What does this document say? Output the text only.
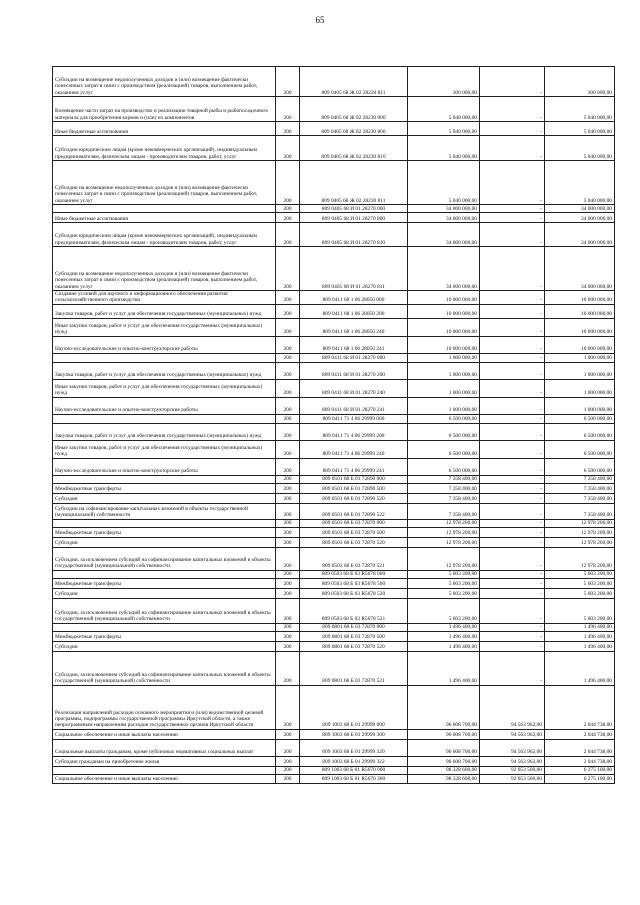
65
Субсидии на возмещение недополученных доходов и (или) возмещение фактически понесенных затрат в связи с производством (реализацией) товаров, выполнением работ, оказанием услуг	200	809 0405 68 Ж 02 28220 811	300 000,00	-	300 000,00
Возмещение части затрат на производство и реализацию товарной рыбы и рыбопосадочного материала для приобретения кормов и (или) их компонентов	200	809 0405 68 Ж 02 28230 000	5 040 000,00	-	5 040 000,00
Иные бюджетные ассигнования	200	809 0405 68 Ж 02 28230 800	5 040 000,00	-	5 040 000,00
Субсидии юридическим лицам (кроме некоммерческих организаций), индивидуальным предпринимателям, физическим лицам - производителям товаров, работ, услуг	200	809 0405 68 Ж 02 28230 810	5 040 000,00	-	5 040 000,00
Субсидии на возмещение недополученных доходов и (или) возмещение фактически понесенных затрат в связи с производством (реализацией) товаров, выполнением работ, оказанием услуг	200	809 0405 68 Ж 02 28230 811	5 040 000,00	-	5 040 000,00
	200	809 0405 68 И 01 28270 000	34 000 000,00	-	34 000 000,00
Иные бюджетные ассигнования	200	809 0405 68 И 01 28270 800	34 000 000,00	-	34 000 000,00
Субсидии юридическим лицам (кроме некоммерческих организаций), индивидуальным предпринимателям, физическим лицам - производителям товаров, работ, услуг	200	809 0405 68 И 01 28270 810	34 000 000,00	-	34 000 000,00
Субсидии на возмещение недополученных доходов и (или) возмещение фактически понесенных затрат в связи с производством (реализацией) товаров, выполнением работ, оказанием услуг	200	809 0405 68 И 01 28270 811	34 000 000,00	-	34 000 000,00
Создание условий для научного и информационного обеспечения развития сельскохозяйственного производства	200	809 0411 68 1 06 28050 000	10 000 000,00	-	10 000 000,00
Закупка товаров, работ и услуг для обеспечения государственных (муниципальных) нужд	200	809 0411 68 1 06 28050 200	10 000 000,00	-	10 000 000,00
Иные закупки товаров, работ и услуг для обеспечения государственных (муниципальных) нужд	200	809 0411 68 1 06 28050 240	10 000 000,00	-	10 000 000,00
Научно-исследовательские и опытно-конструкторские работы	200	809 0411 68 1 06 28050 241	10 000 000,00	-	10 000 000,00
	200	809 0411 68 И 01 28270 000	1 000 000,00	-	1 000 000,00
Закупка товаров, работ и услуг для обеспечения государственных (муниципальных) нужд	200	809 0411 68 И 01 28270 200	1 000 000,00	-	1 000 000,00
Иные закупки товаров, работ и услуг для обеспечения государственных (муниципальных) нужд	200	809 0411 68 И 01 28270 240	1 000 000,00	-	1 000 000,00
Научно-исследовательские и опытно-конструкторские работы	200	809 0411 68 И 01 28270 241	1 000 000,00	-	1 000 000,00
	200	809 0411 71 4 06 29999 000	6 500 000,00	-	6 500 000,00
Закупка товаров, работ и услуг для обеспечения государственных (муниципальных) нужд	200	809 0411 71 4 06 29999 200	6 500 000,00	-	6 500 000,00
Иные закупки товаров, работ и услуг для обеспечения государственных (муниципальных) нужд	200	809 0411 71 4 06 29999 240	6 500 000,00	-	6 500 000,00
Научно-исследовательские и опытно-конструкторские работы	200	809 0411 71 4 06 29999 241	6 500 000,00	-	6 500 000,00
	200	809 0501 68 Б 01 72890 000	7 358 400,00	-	7 358 400,00
Межбюджетные трансферты	200	809 0501 68 Б 01 72890 500	7 358 400,00	-	7 358 400,00
Субсидии	200	809 0501 68 Б 01 72890 520	7 358 400,00	-	7 358 400,00
Субсидии на софинансирование капитальных вложений в объекты государственной (муниципальной) собственности	200	809 0501 68 Б 01 72890 522	7 358 400,00	-	7 358 400,00
	200	809 0503 68 Б 03 72870 000	12 978 200,00	-	12 978 200,00
Межбюджетные трансферты	200	809 0503 68 Б 03 72870 500	12 978 200,00	-	12 978 200,00
Субсидии	200	809 0503 68 Б 03 72870 520	12 978 200,00	-	12 978 200,00
Субсидии, за исключением субсидий на софинансирование капитальных вложений в объекты государственной (муниципальной) собственности	200	809 0503 68 Б 03 72870 521	12 978 200,00	-	12 978 200,00
	200	809 0503 68 Б 03 R5678 000	5 603 200,00	-	5 603 200,00
Межбюджетные трансферты	200	809 0503 68 Б 03 R5678 500	5 603 200,00	-	5 603 200,00
Субсидии	200	809 0503 68 Б 03 R5678 520	5 603 200,00	-	5 603 200,00
Субсидии, за исключением субсидий на софинансирование капитальных вложений в объекты государственной (муниципальной) собственности	200	809 0503 68 Б 03 R5678 521	5 603 200,00	-	5 603 200,00
	200	809 0801 68 Б 03 72870 000	1 496 400,00	-	1 496 400,00
Межбюджетные трансферты	200	809 0801 68 Б 03 72870 500	1 496 400,00	-	1 496 400,00
Субсидии	200	809 0801 68 Б 03 72870 520	1 496 400,00	-	1 496 400,00
Субсидии, за исключением субсидий на софинансирование капитальных вложений в объекты государственной (муниципальной) собственности	200	809 0801 68 Б 03 72870 521	1 496 400,00	-	1 496 400,00
Реализация направлений расходов основного мероприятия и (или) ведомственной целевой программы, подпрограммы государственной программы Иркутской области, а также непрограммным направлениям расходов государственных органов Иркутской области	200	809 1003 68 Б 01 29999 000	96 608 700,00	94 563 962,00	2 044 738,00
Социальное обеспечение и иные выплаты населению	200	809 1003 68 Б 01 29999 300	96 608 700,00	94 563 962,00	2 044 738,00
Социальные выплаты гражданам, кроме публичных нормативных социальных выплат	200	809 1003 68 Б 01 29999 320	96 608 700,00	94 563 962,00	2 044 738,00
Субсидии гражданам на приобретение жилья	200	809 1003 68 Б 01 29999 322	96 608 700,00	94 563 962,00	2 044 738,00
	200	809 1003 68 Б 01 R5670 000	98 328 600,00	92 053 500,00	6 275 100,00
Социальное обеспечение и иные выплаты населению	200	809 1003 68 Б 01 R5670 300	98 328 600,00	92 053 500,00	6 275 100,00
